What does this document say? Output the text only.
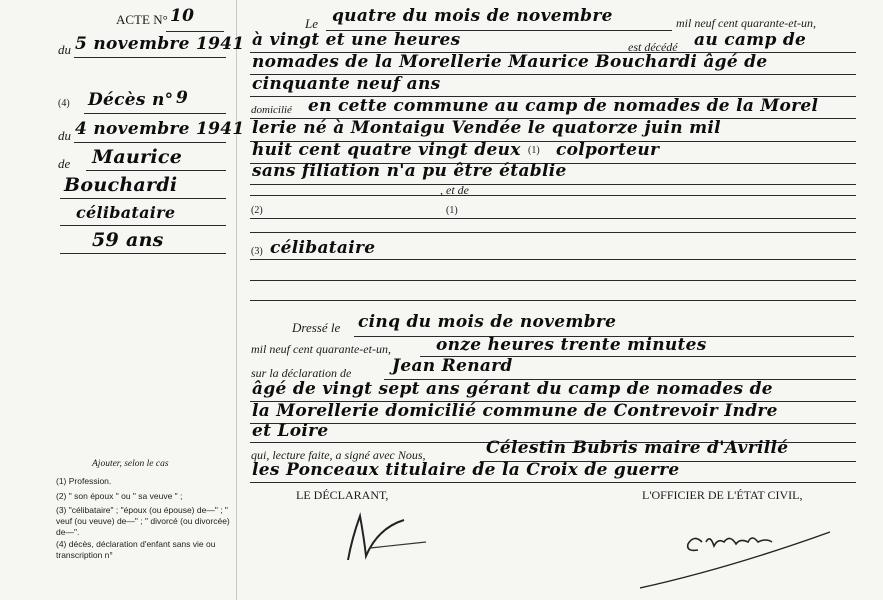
ACTE N° 10
du 5 novembre 1941
(4) Décès n° 9
du 4 novembre 1941
de Maurice
Bouchardi
célibataire
59 ans
Ajouter, selon le cas
(1) Profession.
(2) " son époux " ou " sa veuve " ;
(3) "célibataire" ; "époux (ou épouse) de—" ; " veuf (ou veuve) de—" ; " divorcé (ou divorcée) de—".
(4) décès, déclaration d'enfant sans vie ou transcription n°
Le quatre du mois de novembre	mil neuf cent quarante-et-un,
à vingt et une heures	est décédé au camp de
nomades de la Morellerie Maurice Bouchardi âgé de
cinquante neuf ans
domicilié en cette commune au camp de nomades de la Morel
lerie né à Montaigu Vendée le quatorze juin mil
huit cent quatre vingt deux (1) colporteur
sans filiation n'a pu être établie
, et de
(2)	(1)
(3) célibataire
Dressé le cinq du mois de novembre
mil neuf cent quarante-et-un,	onze heures trente minutes
sur la déclaration de Jean Renard
âgé de vingt sept ans gérant du camp de nomades de
la Morellerie domicilié commune de Contrevoir Indre
et Loire
qui, lecture faite, a signé avec Nous,	Célestin Bubris maire d'Avrillé
les Ponceaux titulaire de la Croix de guerre
LE DÉCLARANT,	L'OFFICIER DE L'ÉTAT CIVIL,
